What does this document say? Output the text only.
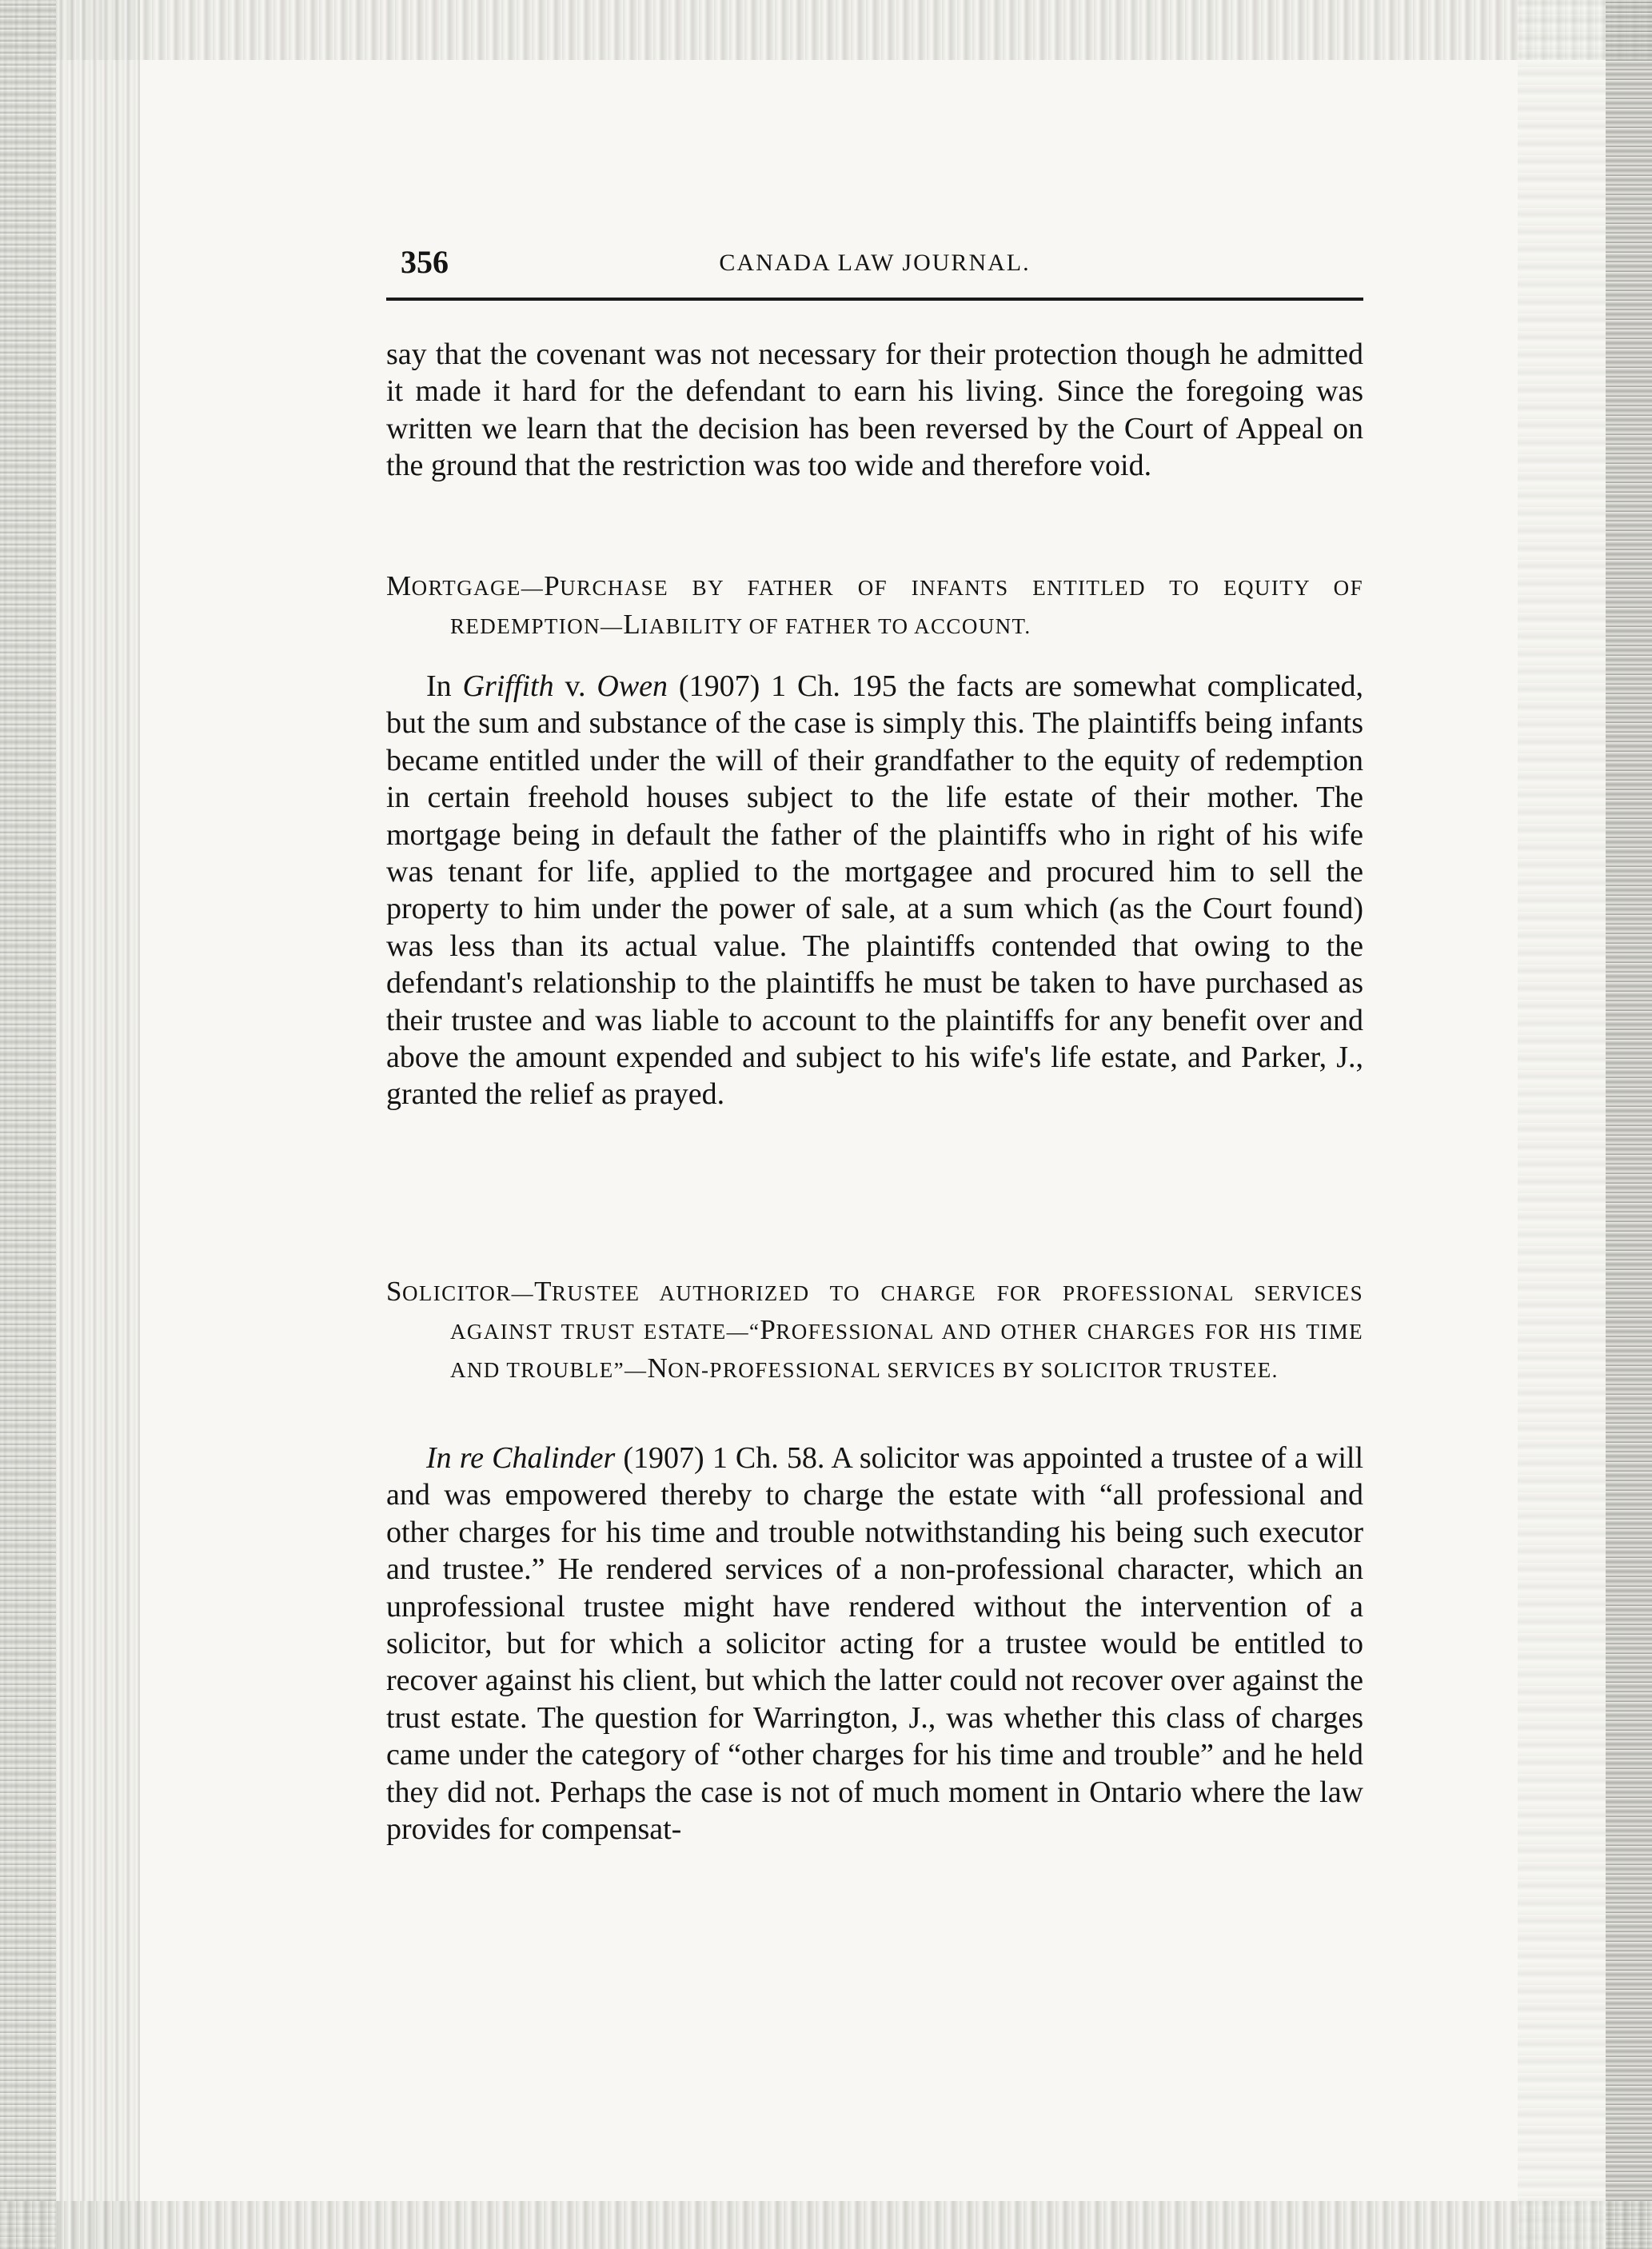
356	CANADA LAW JOURNAL.

say that the covenant was not necessary for their protection though he admitted it made it hard for the defendant to earn his living. Since the foregoing was written we learn that the decision has been reversed by the Court of Appeal on the ground that the restriction was too wide and therefore void.

MORTGAGE—PURCHASE BY FATHER OF INFANTS ENTITLED TO EQUITY OF REDEMPTION—LIABILITY OF FATHER TO ACCOUNT.

In Griffith v. Owen (1907) 1 Ch. 195 the facts are somewhat complicated, but the sum and substance of the case is simply this. The plaintiffs being infants became entitled under the will of their grandfather to the equity of redemption in certain freehold houses subject to the life estate of their mother. The mortgage being in default the father of the plaintiffs who in right of his wife was tenant for life, applied to the mortgagee and procured him to sell the property to him under the power of sale, at a sum which (as the Court found) was less than its actual value. The plaintiffs contended that owing to the defendant's relationship to the plaintiffs he must be taken to have purchased as their trustee and was liable to account to the plaintiffs for any benefit over and above the amount expended and subject to his wife's life estate, and Parker, J., granted the relief as prayed.

SOLICITOR—TRUSTEE AUTHORIZED TO CHARGE FOR PROFESSIONAL SERVICES AGAINST TRUST ESTATE—“PROFESSIONAL AND OTHER CHARGES FOR HIS TIME AND TROUBLE”—NON-PROFESSIONAL SERVICES BY SOLICITOR TRUSTEE.

In re Chalinder (1907) 1 Ch. 58. A solicitor was appointed a trustee of a will and was empowered thereby to charge the estate with “all professional and other charges for his time and trouble notwithstanding his being such executor and trustee.” He rendered services of a non-professional character, which an unprofessional trustee might have rendered without the intervention of a solicitor, but for which a solicitor acting for a trustee would be entitled to recover against his client, but which the latter could not recover over against the trust estate. The question for Warrington, J., was whether this class of charges came under the category of “other charges for his time and trouble” and he held they did not. Perhaps the case is not of much moment in Ontario where the law provides for compensat-
